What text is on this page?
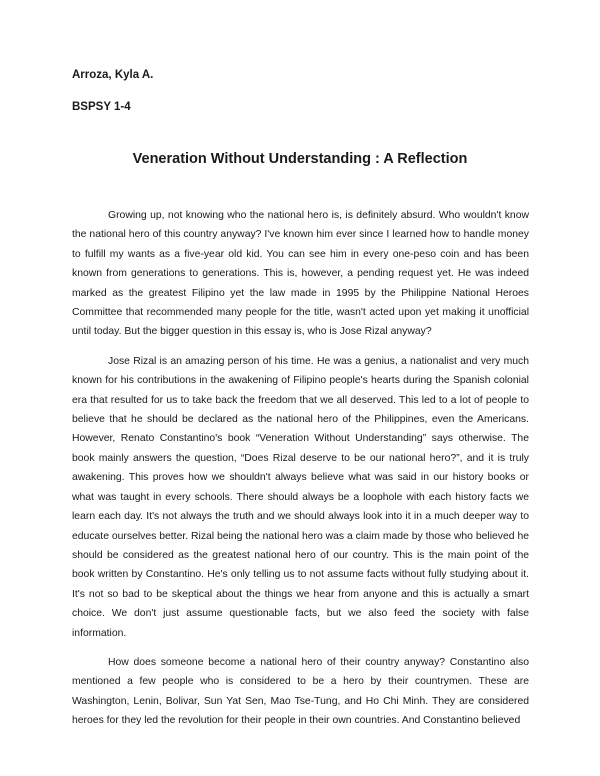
Arroza, Kyla A.

BSPSY 1-4

Veneration Without Understanding : A Reflection

Growing up, not knowing who the national hero is, is definitely absurd. Who wouldn't know the national hero of this country anyway? I've known him ever since I learned how to handle money to fulfill my wants as a five-year old kid. You can see him in every one-peso coin and has been known from generations to generations. This is, however, a pending request yet. He was indeed marked as the greatest Filipino yet the law made in 1995 by the Philippine National Heroes Committee that recommended many people for the title, wasn't acted upon yet making it unofficial until today. But the bigger question in this essay is, who is Jose Rizal anyway?

Jose Rizal is an amazing person of his time. He was a genius, a nationalist and very much known for his contributions in the awakening of Filipino people's hearts during the Spanish colonial era that resulted for us to take back the freedom that we all deserved. This led to a lot of people to believe that he should be declared as the national hero of the Philippines, even the Americans. However, Renato Constantino's book “Veneration Without Understanding” says otherwise. The book mainly answers the question, “Does Rizal deserve to be our national hero?”, and it is truly awakening. This proves how we shouldn't always believe what was said in our history books or what was taught in every schools. There should always be a loophole with each history facts we learn each day. It's not always the truth and we should always look into it in a much deeper way to educate ourselves better. Rizal being the national hero was a claim made by those who believed he should be considered as the greatest national hero of our country. This is the main point of the book written by Constantino. He's only telling us to not assume facts without fully studying about it. It's not so bad to be skeptical about the things we hear from anyone and this is actually a smart choice. We don't just assume questionable facts, but we also feed the society with false information.

How does someone become a national hero of their country anyway? Constantino also mentioned a few people who is considered to be a hero by their countrymen. These are Washington, Lenin, Bolivar, Sun Yat Sen, Mao Tse-Tung, and Ho Chi Minh. They are considered heroes for they led the revolution for their people in their own countries. And Constantino believed
